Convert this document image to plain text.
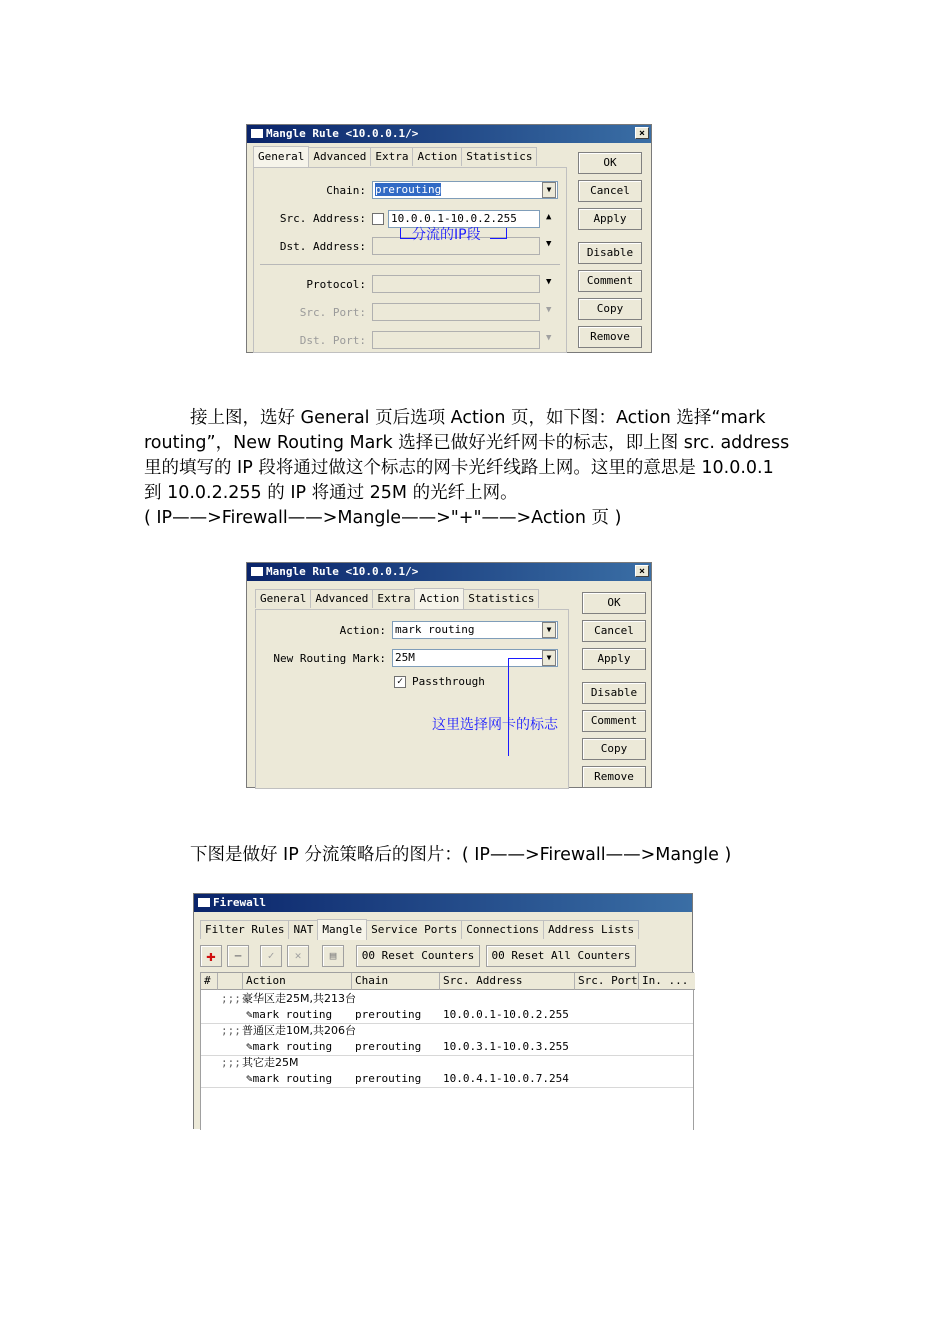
Mangle Rule <10.0.0.1/>	×
General Advanced Extra Action Statistics
Chain: prerouting	▼
Src. Address: 10.0.0.1-10.0.2.255	▲
Dst. Address:	▼
Protocol:	▼
Src. Port:	▼
Dst. Port:	▼
分流的IP段
OK
Cancel
Apply
Disable
Comment
Copy
Remove
接上图，选好 General 页后选项 Action 页，如下图：Action 选择“mark
routing”，New Routing Mark 选择已做好光纤网卡的标志，即上图 src. address
里的填写的 IP 段将通过做这个标志的网卡光纤线路上网。这里的意思是 10.0.0.1
到 10.0.2.255 的 IP 将通过 25M 的光纤上网。
( IP——>Firewall——>Mangle——>"+"——>Action 页 )
Mangle Rule <10.0.0.1/>	×
General Advanced Extra Action Statistics
Action: mark routing	▼
New Routing Mark: 25M	▼
✓ Passthrough
这里选择网卡的标志
OK
Cancel
Apply
Disable
Comment
Copy
Remove
下图是做好 IP 分流策略后的图片：( IP——>Firewall——>Mangle )
Firewall
Filter Rules NAT Mangle Service Ports Connections Address Lists
✚	—	✓	✕	▤	00 Reset Counters	00 Reset All Counters
#	Action	Chain	Src. Address	Src. Port In. ...
;;; 豪华区走25M,共213台
✎mark routing	prerouting	10.0.0.1-10.0.2.255
;;; 普通区走10M,共206台
✎mark routing	prerouting	10.0.3.1-10.0.3.255
;;; 其它走25M
✎mark routing	prerouting	10.0.4.1-10.0.7.254
